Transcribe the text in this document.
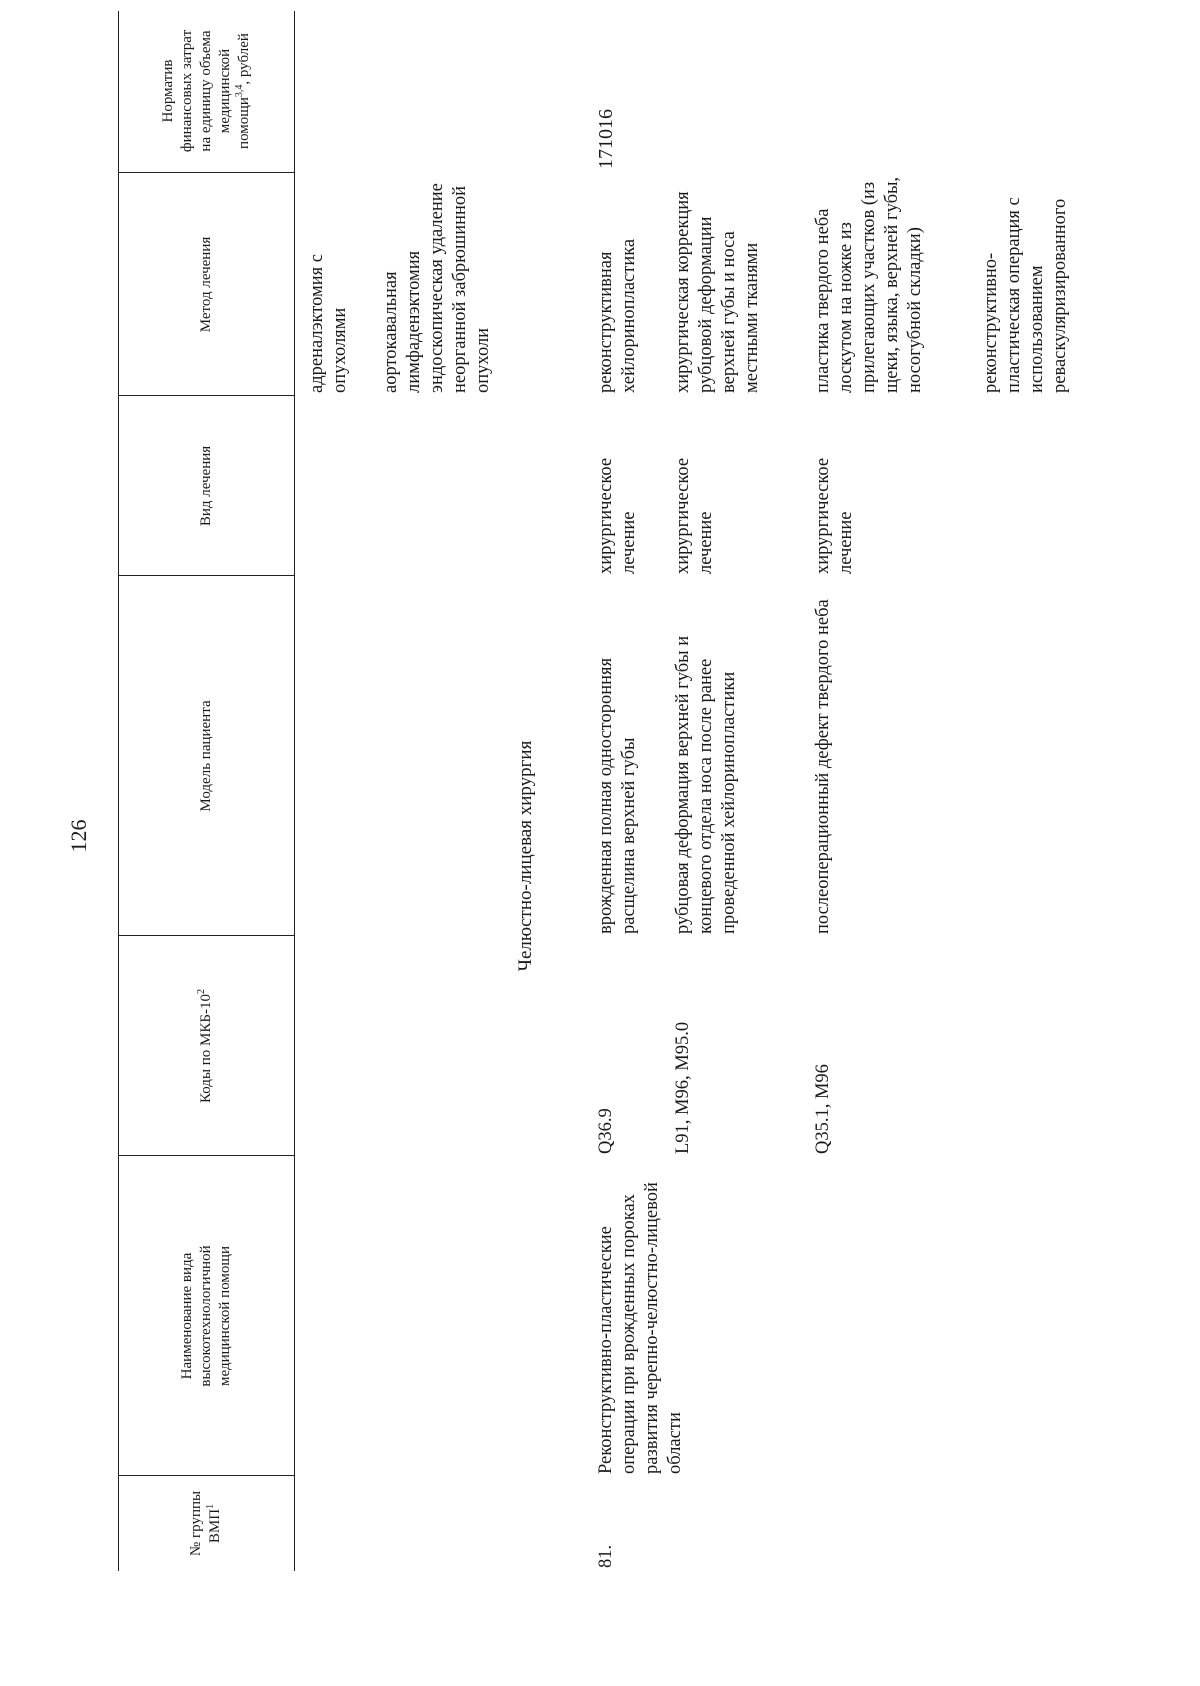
126
№ группы ВМП$^1$
Наименование вида высокотехнологичной медицинской помощи
Коды по МКБ-$10^2$
Модель пациента
Вид лечения
Метод лечения
Норматив финансовых затрат на единицу объема медицинской помощи$^{3,4}$, рублей
адреналэктомия с опухолями аортокавальная лимфаденэктомия эндоскопическая удаление неорганной забрюшинной опухоли
Челюстно-лицевая хирургия
81.
Реконструктивно-пластические операции при врожденных пороках развития черепно-челюстно-лицевой области
171016
Q36.9
врожденная полная односторонняя расщелина верхней губы
хирургическое лечение
реконструктивная хейлоринопластика
L91, M96, M95.0
рубцовая деформация верхней губы и концевого отдела носа после ранее проведенной хейлоринопластики
хирургическое лечение
хирургическая коррекция рубцовой деформации верхней губы и носа местными тканями
Q35.1, M96
послеоперационный дефект твердого неба
хирургическое лечение
пластика твердого неба лоскутом на ножке из прилегающих участков (из щеки, языка, верхней губы, носогубной складки)	реконструктивно-пластическая операция с использованием реваскуляризированного
